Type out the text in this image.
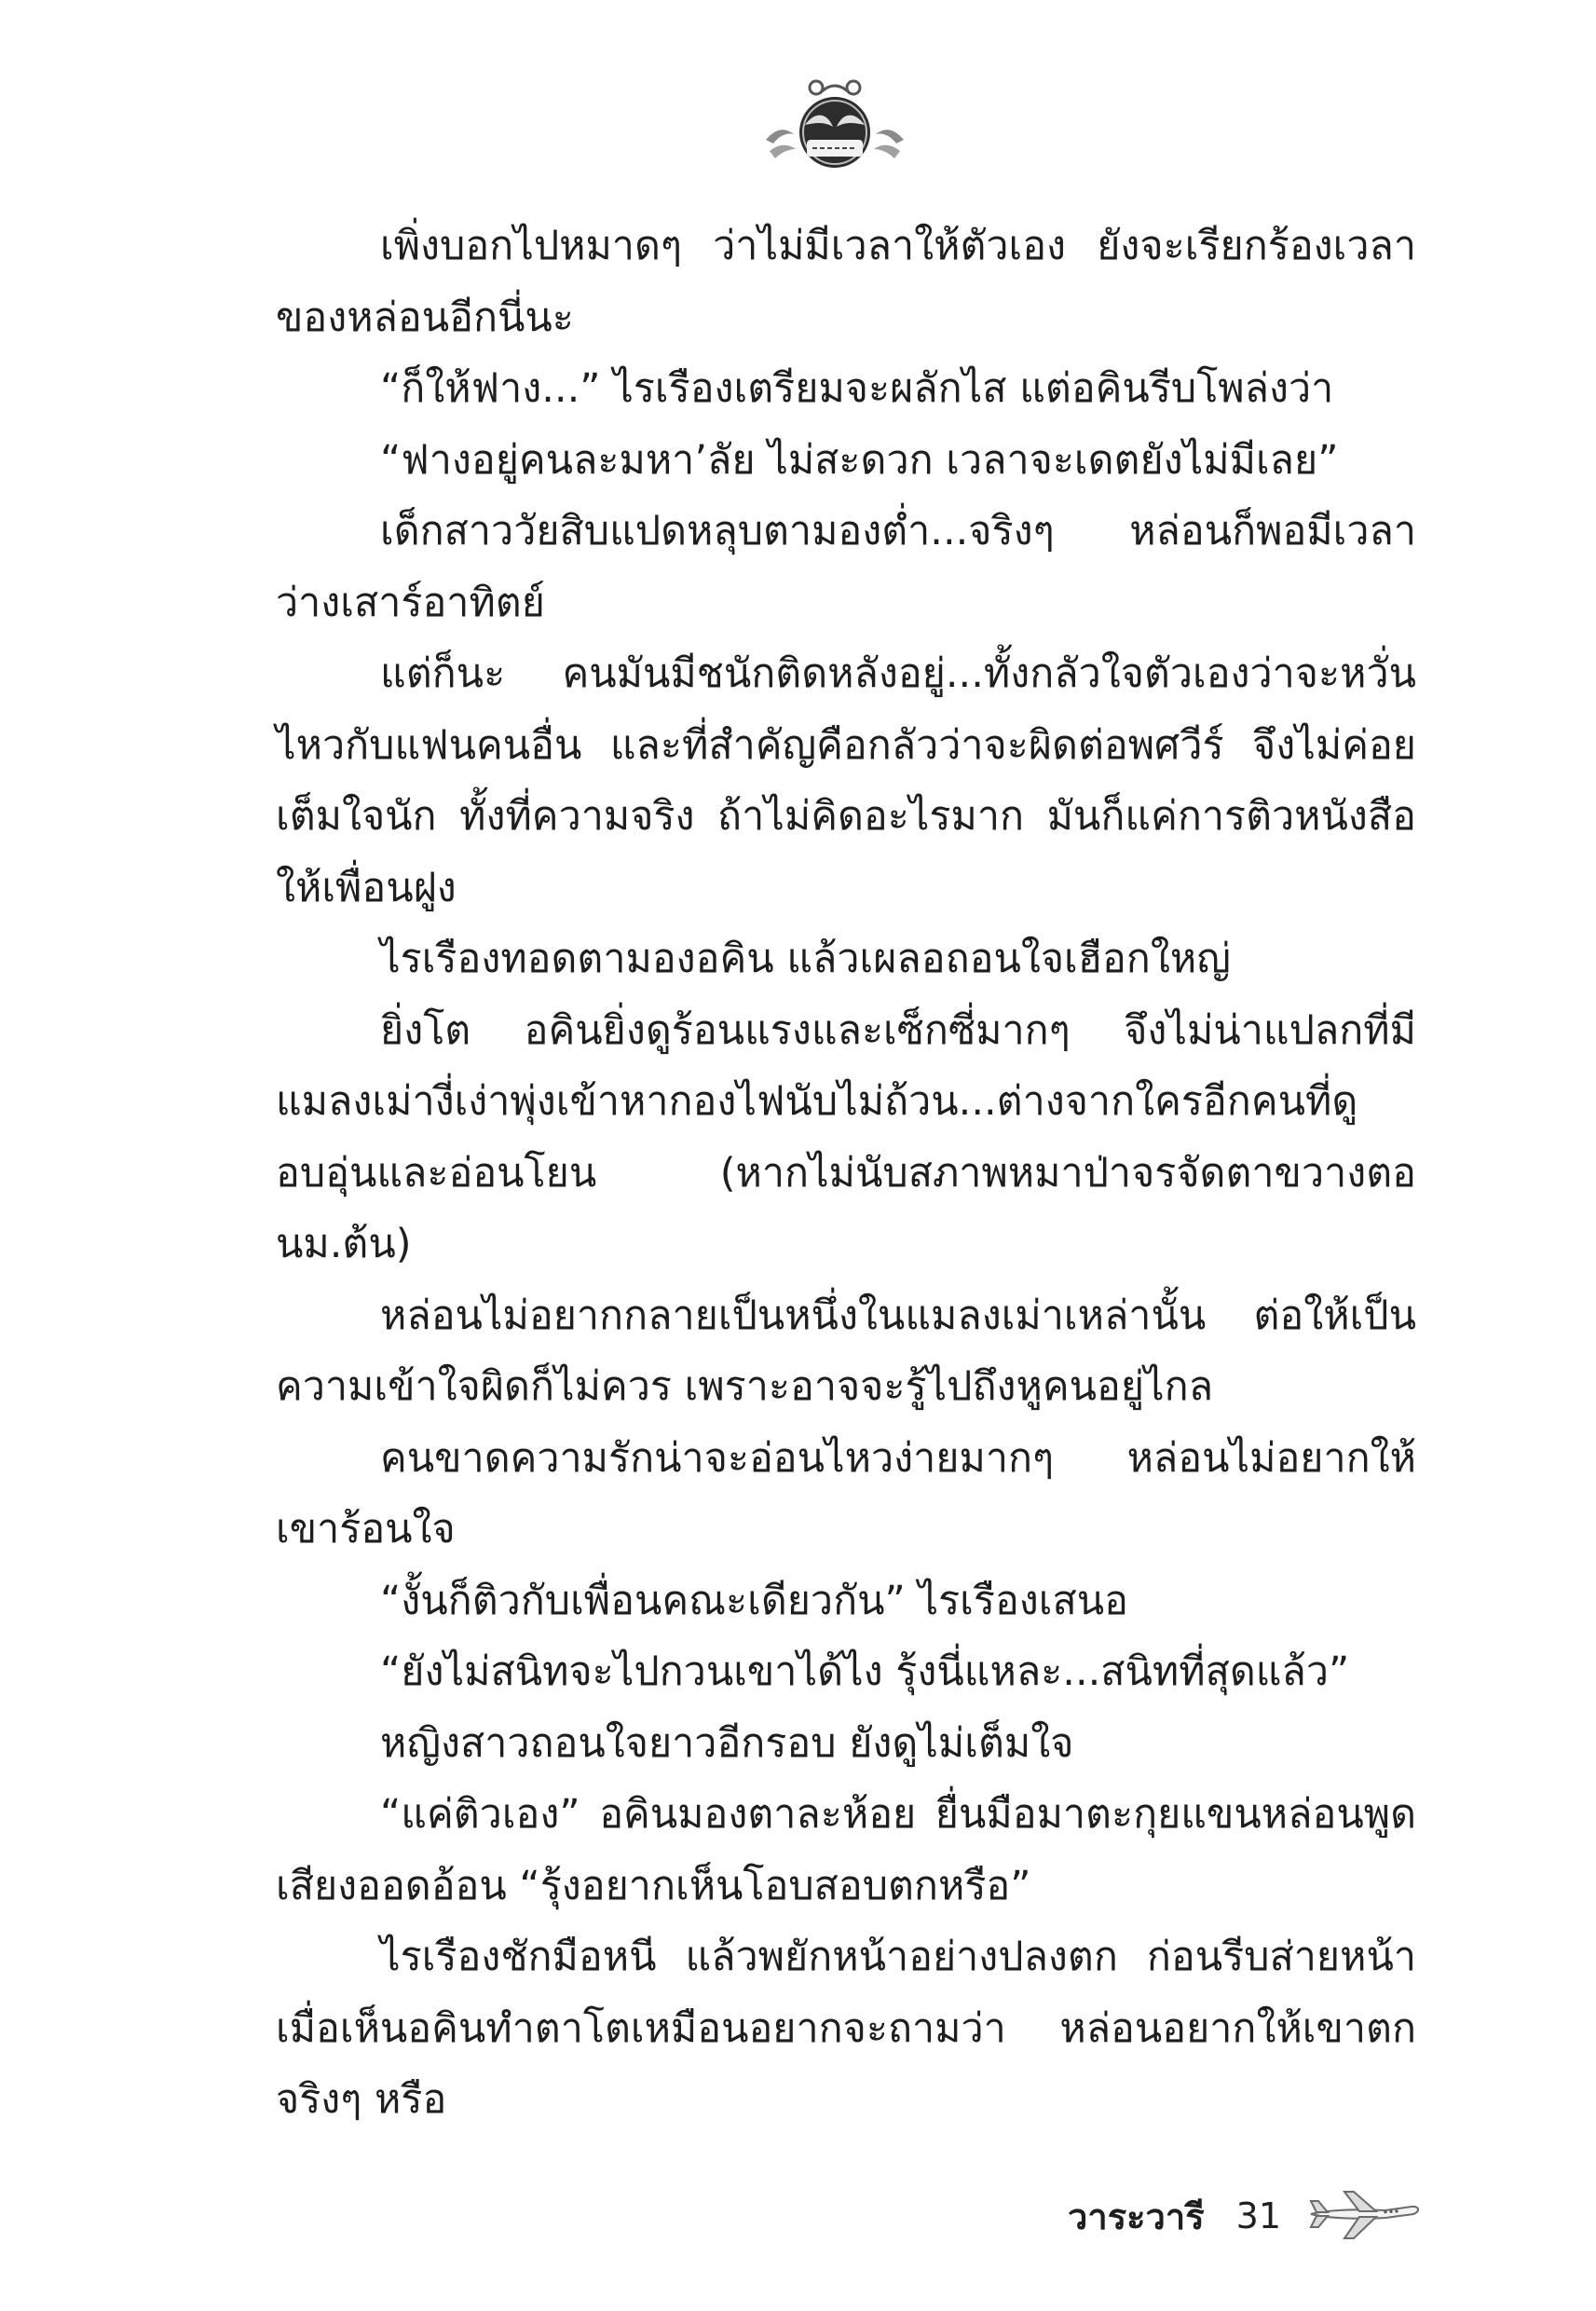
เพิ่งบอกไปหมาดๆ ว่าไม่มีเวลาให้ตัวเอง ยังจะเรียกร้องเวลาของหล่อนอีกนี่นะ

“ก็ให้ฟาง...” ไรเรืองเตรียมจะผลักไส แต่อคินรีบโพล่งว่า

“ฟางอยู่คนละมหา’ลัย ไม่สะดวก เวลาจะเดตยังไม่มีเลย”

เด็กสาววัยสิบแปดหลุบตามองต่ำ...จริงๆ หล่อนก็พอมีเวลาว่างเสาร์อาทิตย์

แต่ก็นะ คนมันมีชนักติดหลังอยู่...ทั้งกลัวใจตัวเองว่าจะหวั่นไหวกับแฟนคนอื่น และที่สำคัญคือกลัวว่าจะผิดต่อพศวีร์ จึงไม่ค่อยเต็มใจนัก ทั้งที่ความจริง ถ้าไม่คิดอะไรมาก มันก็แค่การติวหนังสือให้เพื่อนฝูง

ไรเรืองทอดตามองอคิน แล้วเผลอถอนใจเฮือกใหญ่

ยิ่งโต อคินยิ่งดูร้อนแรงและเซ็กซี่มากๆ จึงไม่น่าแปลกที่มีแมลงเม่างี่เง่าพุ่งเข้าหากองไฟนับไม่ถ้วน...ต่างจากใครอีกคนที่ดูอบอุ่นและอ่อนโยน (หากไม่นับสภาพหมาป่าจรจัดตาขวางตอนม.ต้น)

หล่อนไม่อยากกลายเป็นหนึ่งในแมลงเม่าเหล่านั้น ต่อให้เป็นความเข้าใจผิดก็ไม่ควร เพราะอาจจะรู้ไปถึงหูคนอยู่ไกล

คนขาดความรักน่าจะอ่อนไหวง่ายมากๆ หล่อนไม่อยากให้เขาร้อนใจ

“งั้นก็ติวกับเพื่อนคณะเดียวกัน” ไรเรืองเสนอ

“ยังไม่สนิทจะไปกวนเขาได้ไง รุ้งนี่แหละ...สนิทที่สุดแล้ว”

หญิงสาวถอนใจยาวอีกรอบ ยังดูไม่เต็มใจ

“แค่ติวเอง” อคินมองตาละห้อย ยื่นมือมาตะกุยแขนหล่อนพูดเสียงออดอ้อน “รุ้งอยากเห็นโอบสอบตกหรือ”

ไรเรืองชักมือหนี แล้วพยักหน้าอย่างปลงตก ก่อนรีบส่ายหน้าเมื่อเห็นอคินทำตาโตเหมือนอยากจะถามว่า หล่อนอยากให้เขาตกจริงๆ หรือ

วาระวารี 31
